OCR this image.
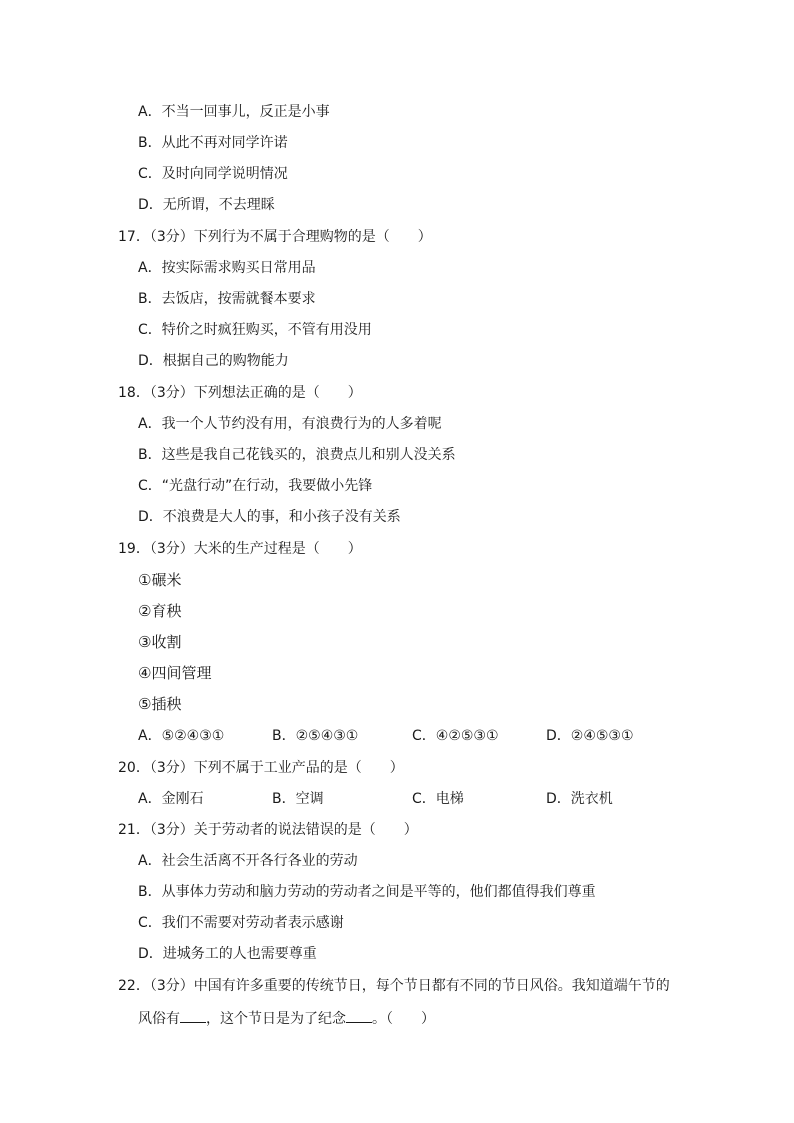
A．不当一回事儿，反正是小事
B．从此不再对同学许诺
C．及时向同学说明情况
D．无所谓，不去理睬
17．（3分）下列行为不属于合理购物的是（　　）
A．按实际需求购买日常用品
B．去饭店，按需就餐本要求
C．特价之时疯狂购买，不管有用没用
D．根据自己的购物能力
18．（3分）下列想法正确的是（　　）
A．我一个人节约没有用，有浪费行为的人多着呢
B．这些是我自己花钱买的，浪费点儿和别人没关系
C．“光盘行动”在行动，我要做小先锋
D．不浪费是大人的事，和小孩子没有关系
19．（3分）大米的生产过程是（　　）
①碾米
②育秧
③收割
④四间管理
⑤插秧
A．⑤②④③①	B．②⑤④③①	C．④②⑤③①	D．②④⑤③①
20．（3分）下列不属于工业产品的是（　　）
A．金刚石	B．空调	C．电梯	D．洗衣机
21．（3分）关于劳动者的说法错误的是（　　）
A．社会生活离不开各行各业的劳动
B．从事体力劳动和脑力劳动的劳动者之间是平等的，他们都值得我们尊重
C．我们不需要对劳动者表示感谢
D．进城务工的人也需要尊重
22．（3分）中国有许多重要的传统节日，每个节日都有不同的节日风俗。我知道端午节的
风俗有 ，这个节日是为了纪念 。（　　）
